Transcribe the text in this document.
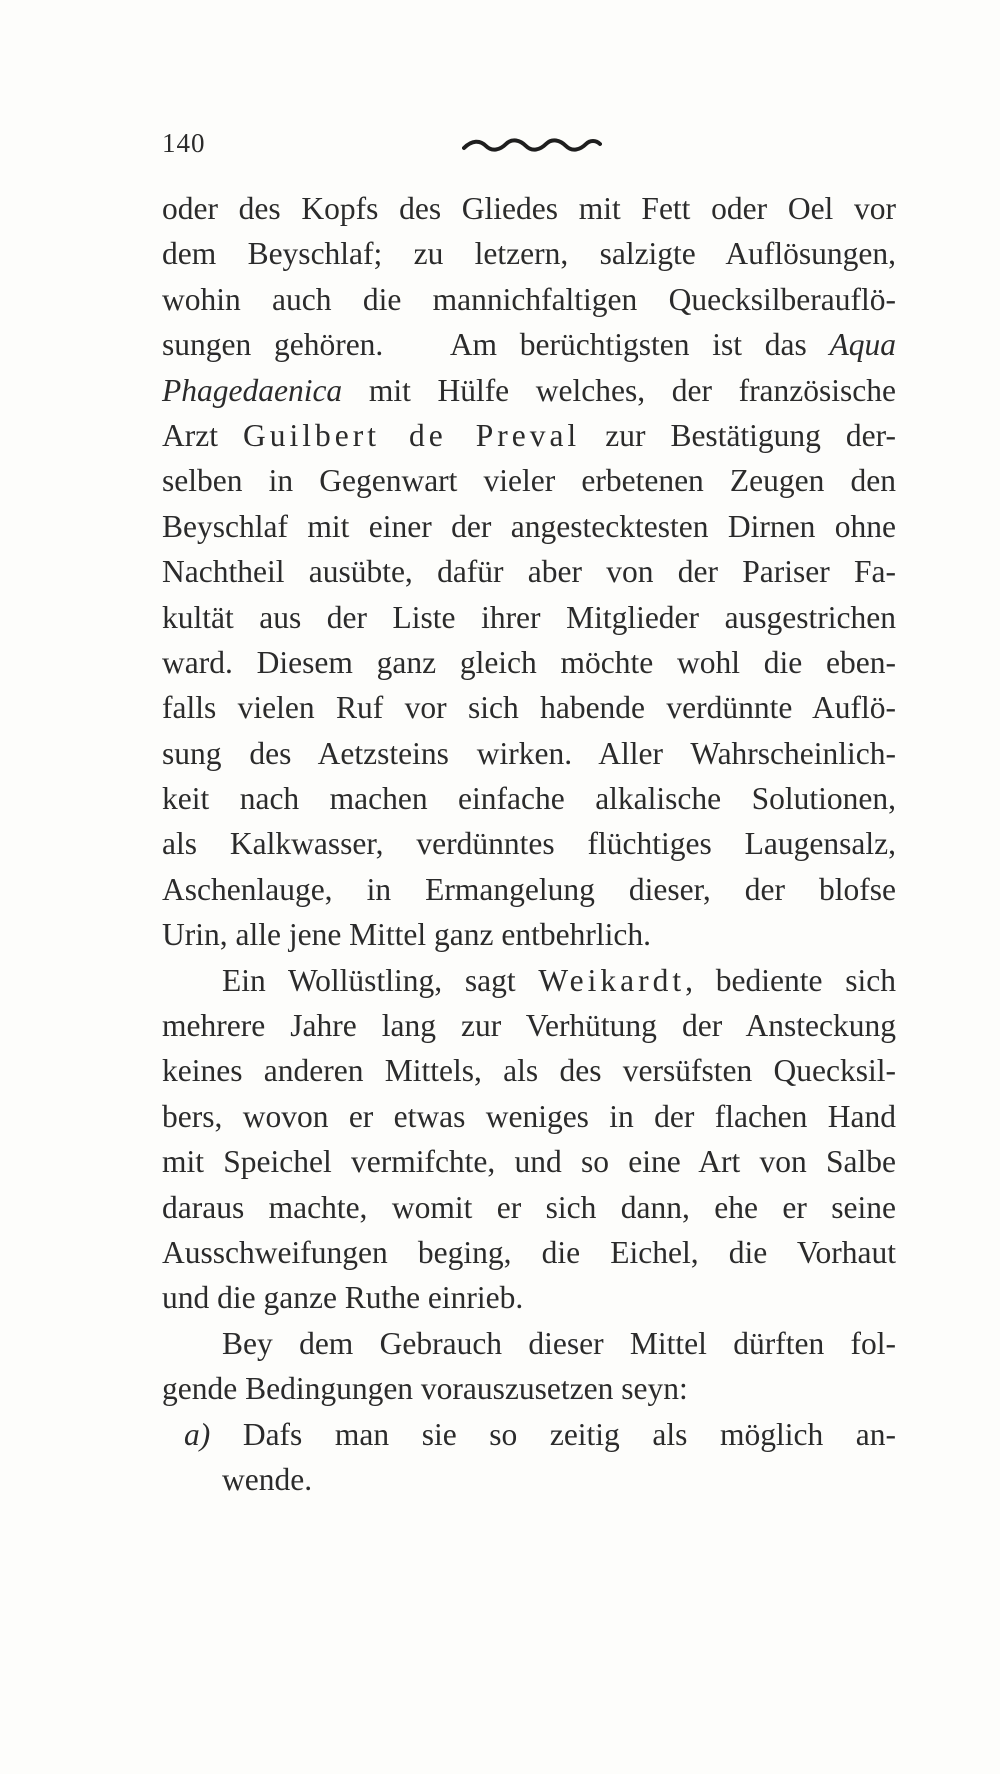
140
oder des Kopfs des Gliedes mit Fett oder Oel vor
dem Beyschlaf; zu letzern, salzigte Auflösungen,
wohin auch die mannichfaltigen Quecksilberauflö-
sungen gehören. Am berüchtigsten ist das Aqua
Phagedaenica mit Hülfe welches, der französische
Arzt Guilbert de Preval zur Bestätigung der-
selben in Gegenwart vieler erbetenen Zeugen den
Beyschlaf mit einer der angestecktesten Dirnen ohne
Nachtheil ausübte, dafür aber von der Pariser Fa-
kultät aus der Liste ihrer Mitglieder ausgestrichen
ward. Diesem ganz gleich möchte wohl die eben-
falls vielen Ruf vor sich habende verdünnte Auflö-
sung des Aetzsteins wirken. Aller Wahrscheinlich-
keit nach machen einfache alkalische Solutionen,
als Kalkwasser, verdünntes flüchtiges Laugensalz,
Aschenlauge, in Ermangelung dieser, der blofse
Urin, alle jene Mittel ganz entbehrlich.
Ein Wollüstling, sagt Weikardt, bediente sich
mehrere Jahre lang zur Verhütung der Ansteckung
keines anderen Mittels, als des versüfsten Quecksil-
bers, wovon er etwas weniges in der flachen Hand
mit Speichel vermifchte, und so eine Art von Salbe
daraus machte, womit er sich dann, ehe er seine
Ausschweifungen beging, die Eichel, die Vorhaut
und die ganze Ruthe einrieb.
Bey dem Gebrauch dieser Mittel dürften fol-
gende Bedingungen vorauszusetzen seyn:
a) Dafs man sie so zeitig als möglich an-
wende.
